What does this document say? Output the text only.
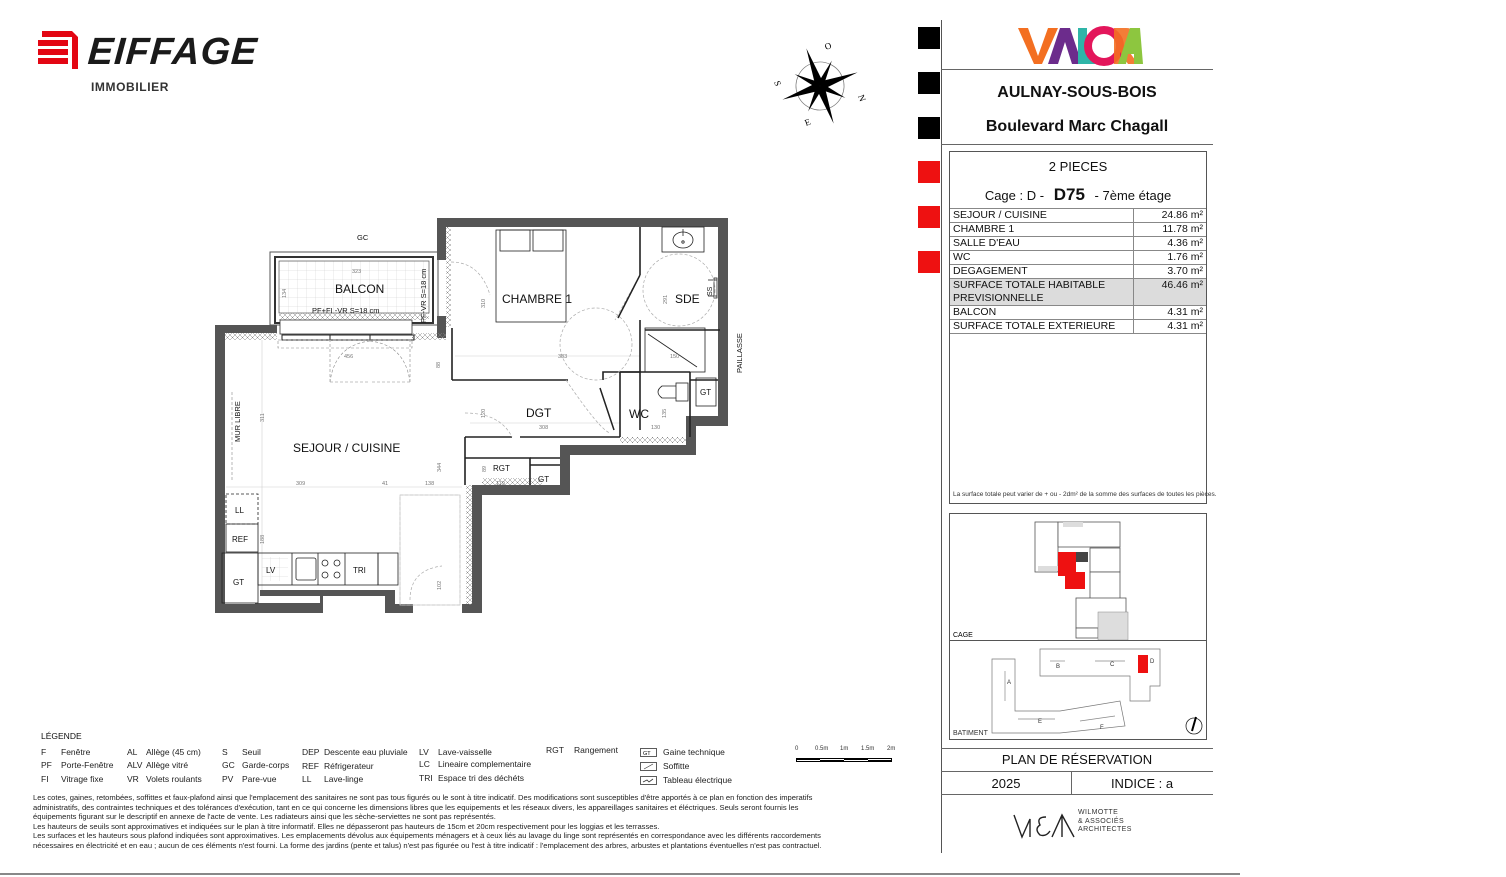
EIFFAGE
IMMOBILIER
O
S
N
E
BALCON
PF+FI -VR S=18 cm
GC
CHAMBRE 1	SDE
DGT	WC
SEJOUR / CUISINE
RGT
GT
GT
GT
LL
REF
LV	TRI
PF-VR S=18 cm
PAILLASSE
MUR LIBRE
SS
323
134
456
88
310
383
291
150
120
308	130
135
311
309	41	138
344	89
119
188
102
AULNAY-SOUS-BOIS
Boulevard Marc Chagall
2 PIECES
Cage : D - D75 - 7ème étage
SEJOUR / CUISINE	24.86 m²
CHAMBRE 1	11.78 m²
SALLE D'EAU	4.36 m²
WC	1.76 m²
DEGAGEMENT	3.70 m²
SURFACE TOTALE HABITABLE
PREVISIONNELLE	46.46 m²
BALCON	4.31 m²
SURFACE TOTALE EXTERIEURE	4.31 m²
La surface totale peut varier de + ou - 2dm² de la somme des surfaces de toutes les pièces.
CAGE
A
B	C	D
E
F
BATIMENT
PLAN DE RÉSERVATION
2025	INDICE : a
WILMOTTE
& ASSOCIÉS
ARCHITECTES
LÉGENDE
F Fenêtre
PF Porte-Fenêtre
FI Vitrage fixe
AL Allège (45 cm)
ALV Allège vitré
VR Volets roulants
S Seuil
GC Garde-corps
PV Pare-vue
DEP Descente eau pluviale
REF Réfrigerateur
LL Lave-linge
LV Lave-vaisselle
LC Lineaire complementaire
TRI Espace tri des déchéts
RGT Rangement	GT Gaine technique
Soffitte
Tableau électrique
0	0.5m 1m 1.5m 2m
Les cotes, gaines, retombées, soffittes et faux-plafond ainsi que l'emplacement des sanitaires ne sont pas tous figurés ou le sont à titre indicatif. Des modifications sont susceptibles d'être apportés à ce plan en fonction des imperatifs
administratifs, des contraintes techniques et des tolérances d'exécution, tant en ce qui concerne les dimensions libres que les equipements et les réseaux divers, les appareillages sanitaires et éléctriques. Seuls seront fournis les
équipements figurant sur le descriptif en annexe de l'acte de vente. Les radiateurs ainsi que les sèche-serviettes ne sont pas représentés.
Les hauteurs de seuils sont approximatives et indiquées sur le plan à titre informatif. Elles ne dépasseront pas hauteurs de 15cm et 20cm respectivement pour les loggias et les terrasses.
Les surfaces et les hauteurs sous plafond indiquées sont approximatives. Les emplacements dévolus aux équipements ménagers et à ceux liés au lavage du linge sont représentés en correspondance avec les différents raccordements
nécessaires en électricité et en eau ; aucun de ces éléments n'est fourni. La forme des jardins (pente et talus) n'est pas figurée ou l'est à titre indicatif : l'emplacement des arbres, arbustes et plantations éventuelles n'est pas contractuel.
